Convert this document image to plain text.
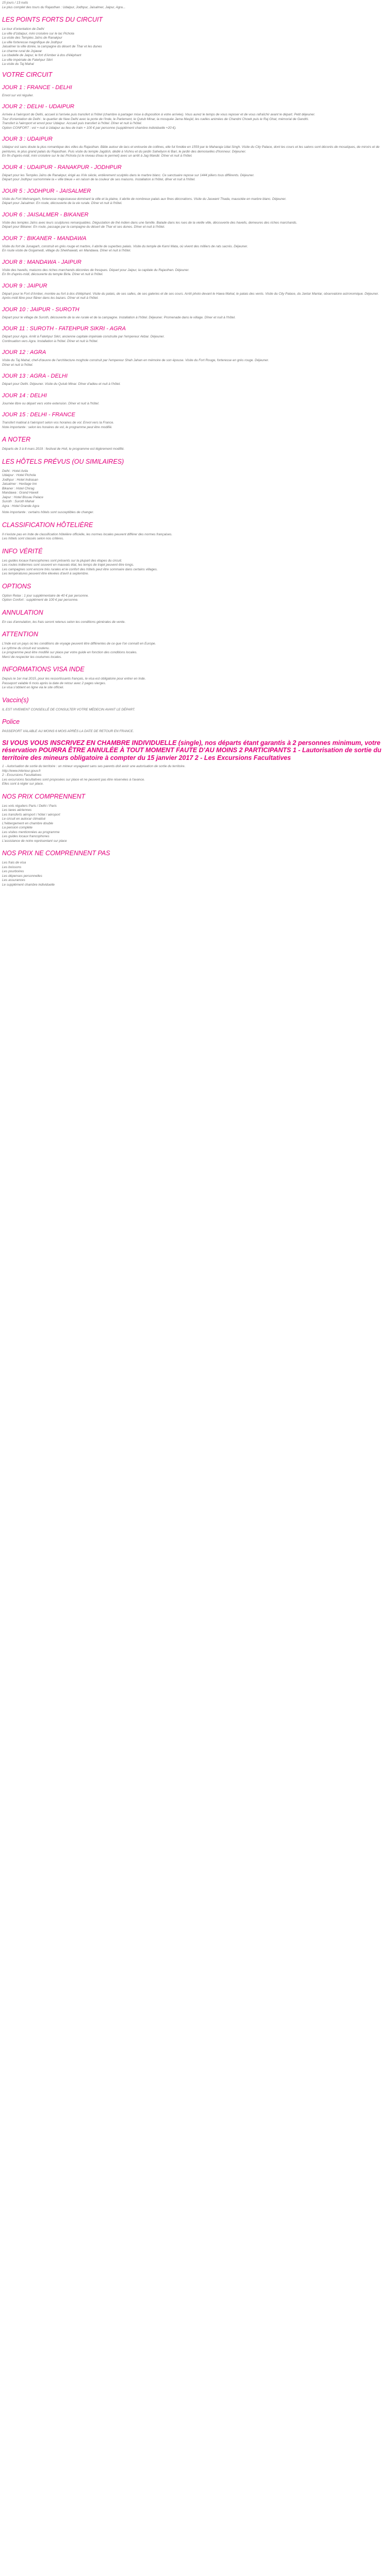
15 jours / 13 nuits

Le plus complet des tours du Rajasthan : Udaipur, Jodhpur, Jaisalmer, Jaipur, Agra...

LES POINTS FORTS DU CIRCUIT

Le tour d'orientation de Delhi

La ville d'Udaipur, mini croisière sur le lac Pichola

La visite des Temples Jaïns de Ranakpur

La ville forteresse magnifique de Jodhpur

Jaisalmer la ville dorée, la campagne du désert de Thar et les dunes

Le charme rural de Jojawar

La citadelle de Jaipur, le fort d'Amber à dos d'éléphant

La ville impériale de Fatehpur Sikri

La visite du Taj Mahal

VOTRE CIRCUIT
JOUR 1 : FRANCE - DELHI

Envol sur vol régulier.

JOUR 2 : DELHI - UDAIPUR

Arrivée à l'aéroport de Delhi, accueil à l'arrivée puis transfert à l'hôtel (chambre à partager mise à disposition à votre arrivée). Vous aurez le temps de vous reposer et de vous rafraîchir avant le départ. Petit déjeuner.

Tour d'orientation de Delhi : le quartier de New Delhi avec la porte de l'Inde, le Parlement, le Qutub Minar, la mosquée Jama Masjid, les ruelles animées de Chandni Chowk puis le Raj Ghat, mémorial de Gandhi.

Transfert à l'aéroport et envol pour Udaipur. Accueil puis transfert à l'hôtel. Dîner et nuit à l'hôtel.

Option CONFORT : vol + nuit à Udaipur au lieu de train + 100 € par personne (supplément chambre individuelle +20 €).

JOUR 3 : UDAIPUR

Udaipur est sans doute la plus romantique des villes du Rajasthan. Bâtie autour de lacs et entourée de collines, elle fut fondée en 1559 par le Maharaja Udai Singh. Visite du City Palace, dont les cours et les salons sont décorés de mosaïques, de miroirs et de peintures, le plus grand palais du Rajasthan. Puis visite du temple Jagdish, dédié à Vishnu et du jardin Saheliyon ki Bari, le jardin des demoiselles d'honneur. Déjeuner.

En fin d'après-midi, mini croisière sur le lac Pichola (si le niveau d'eau le permet) avec un arrêt à Jag Mandir. Dîner et nuit à l'hôtel.

JOUR 4 : UDAIPUR - RANAKPUR - JODHPUR

Départ pour les Temples Jaïns de Ranakpur, érigé au XVe siècle, entièrement sculptés dans le marbre blanc. Ce sanctuaire repose sur 1444 piliers tous différents. Déjeuner.

Départ pour Jodhpur surnommée la « ville bleue » en raison de la couleur de ses maisons. Installation à l'hôtel, dîner et nuit à l'hôtel.

JOUR 5 : JODHPUR - JAISALMER

Visite du Fort Mehrangarh, forteresse majestueuse dominant la ville et la plaine, il abrite de nombreux palais aux fines décorations. Visite du Jaswant Thada, mausolée en marbre blanc. Déjeuner.

Départ pour Jaisalmer. En route, découverte de la vie rurale. Dîner et nuit à l'hôtel.

JOUR 6 : JAISALMER - BIKANER

Visite des temples Jaïns avec leurs sculptures remarquables. Dégustation de thé indien dans une famille. Balade dans les rues de la vieille ville, découverte des havelis, demeures des riches marchands.

Départ pour Bikaner. En route, passage par la campagne du désert de Thar et ses dunes. Dîner et nuit à l'hôtel.

JOUR 7 : BIKANER - MANDAWA

Visite du fort de Junagarh, construit en grès rouge et marbre, il abrite de superbes palais. Visite du temple de Karni Mata, où vivent des milliers de rats sacrés. Déjeuner.

En route visite de Gogamedi, village du Shekhawati, en Mandawa. Dîner et nuit à l'hôtel.

JOUR 8 : MANDAWA - JAIPUR

Visite des havelis, maisons des riches marchands décorées de fresques. Départ pour Jaipur, la capitale du Rajasthan. Déjeuner.

En fin d'après-midi, découverte du temple Birla. Dîner et nuit à l'hôtel.

JOUR 9 : JAIPUR

Départ pour le Fort d'Amber, montée au fort à dos d'éléphant. Visite du palais, de ses salles, de ses galeries et de ses cours. Arrêt photo devant le Hawa Mahal, le palais des vents. Visite du City Palace, du Jantar Mantar, observatoire astronomique. Déjeuner.

Après-midi libre pour flâner dans les bazars. Dîner et nuit à l'hôtel.

JOUR 10 : JAIPUR - SUROTH

Départ pour le village de Suroth, découverte de la vie rurale et de la campagne. Installation à l'hôtel. Déjeuner. Promenade dans le village. Dîner et nuit à l'hôtel.

JOUR 11 : SUROTH - FATEHPUR SIKRI - AGRA

Départ pour Agra. Arrêt à Fatehpur Sikri, ancienne capitale impériale construite par l'empereur Akbar. Déjeuner.

Continuation vers Agra. Installation à l'hôtel. Dîner et nuit à l'hôtel.

JOUR 12 : AGRA

Visite du Taj Mahal, chef-d'œuvre de l'architecture moghole construit par l'empereur Shah Jahan en mémoire de son épouse. Visite du Fort Rouge, forteresse en grès rouge. Déjeuner.

Dîner et nuit à l'hôtel.

JOUR 13 : AGRA - DELHI

Départ pour Delhi. Déjeuner. Visite du Qutub Minar. Dîner d'adieu et nuit à l'hôtel.

JOUR 14 : DELHI

Journée libre ou départ vers votre extension. Dîner et nuit à l'hôtel.

JOUR 15 : DELHI - FRANCE

Transfert matinal à l'aéroport selon vos horaires de vol. Envol vers la France.

Note importante : selon les horaires de vol, le programme peut être modifié.

A NOTER

Départs de 3 à 8 mars 2019 : festival de Holi, le programme est légèrement modifié.

LES HÔTELS PRÉVUS (OU SIMILAIRES)

Delhi : Hotel Avila

Udaipur : Hotel Pichola

Jodhpur : Hotel Indrasan

Jaisalmer : Heritage Inn

Bikaner : Hotel Chirag

Mandawa : Grand Haveli

Jaipur : Hotel Bissau Palace

Suroth : Suroth Mahal

Agra : Hotel Grande Agra

Note importante : certains hôtels sont susceptibles de changer.

CLASSIFICATION HÔTELIÈRE

Il n'existe pas en Inde de classification hôtelière officielle, les normes locales peuvent différer des normes françaises.

Les hôtels sont classés selon nos critères.

INFO VÉRITÉ

Les guides locaux francophones sont présents sur la plupart des étapes du circuit.

Les routes indiennes sont souvent en mauvais état, les temps de trajet peuvent être longs.

Les campagnes sont encore très rurales et le confort des hôtels peut être sommaire dans certains villages.

Les températures peuvent être élevées d'avril à septembre.

OPTIONS

Option Relax : 1 jour supplémentaire de 40 € par personne.

Option Confort : supplément de 100 € par personne.

ANNULATION

En cas d'annulation, les frais seront retenus selon les conditions générales de vente.

ATTENTION

L'Inde est un pays où les conditions de voyage peuvent être différentes de ce que l'on connaît en Europe.

Le rythme du circuit est soutenu.

Le programme peut être modifié sur place par votre guide en fonction des conditions locales.

Merci de respecter les coutumes locales.

INFORMATIONS VISA INDE

Depuis le 1er mai 2015, pour les ressortissants français, le visa est obligatoire pour entrer en Inde.

Passeport valable 6 mois après la date de retour avec 2 pages vierges.

Le visa s'obtient en ligne via le site officiel.

Vaccin(s)

IL EST VIVEMENT CONSEILLÉ DE CONSULTER VOTRE MÉDECIN AVANT LE DÉPART.

Police

PASSEPORT VALABLE AU MOINS 6 MOIS APRÈS LA DATE DE RETOUR EN FRANCE.

SI VOUS VOUS INSCRIVEZ EN CHAMBRE INDIVIDUELLE (single), nos départs étant garantis à 2 personnes minimum, votre réservation POURRA ÊTRE ANNULÉE À TOUT MOMENT FAUTE D'AU MOINS 2 PARTICIPANTS 1 - Lautorisation de sortie du territoire des mineurs obligatoire à compter du 15 janvier 2017 2 - Les Excursions Facultatives

1 - Autorisation de sortie du territoire : un mineur voyageant sans ses parents doit avoir une autorisation de sortie du territoire.

http://www.interieur.gouv.fr

2 - Excursions Facultatives

Les excursions facultatives sont proposées sur place et ne peuvent pas être réservées à l'avance.

Elles sont à régler sur place.

NOS PRIX COMPRENNENT

Les vols réguliers Paris / Delhi / Paris

Les taxes aériennes

Les transferts aéroport / hôtel / aéroport

Le circuit en autocar climatisé

L'hébergement en chambre double

La pension complète

Les visites mentionnées au programme

Les guides locaux francophones

L'assistance de notre représentant sur place

NOS PRIX NE COMPRENNENT PAS

Les frais de visa

Les boissons

Les pourboires

Les dépenses personnelles

Les assurances

Le supplément chambre individuelle
